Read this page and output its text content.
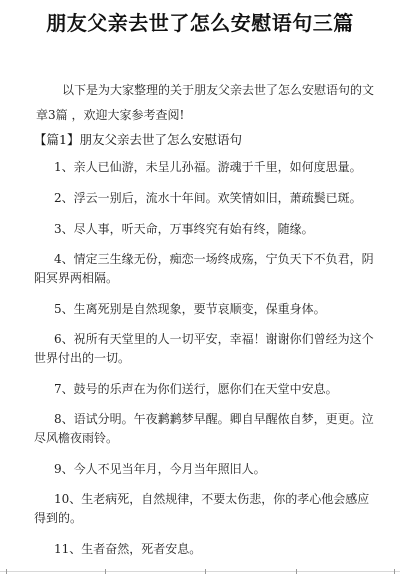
朋友父亲去世了怎么安慰语句三篇
以下是为大家整理的关于朋友父亲去世了怎么安慰语句的文章3篇 ，欢迎大家参考查阅!
【篇1】朋友父亲去世了怎么安慰语句
1、亲人已仙游，未呈儿孙福。游魂于千里，如何度思量。
2、浮云一别后，流水十年间。欢笑情如旧，萧疏鬓已斑。
3、尽人事，听天命，万事终究有始有终，随缘。
4、情定三生缘无份，痴恋一场终成殇，宁负天下不负君，阴阳冥界两相隔。
5、生离死别是自然现象，要节哀顺变，保重身体。
6、祝所有天堂里的人一切平安，幸福！谢谢你们曾经为这个世界付出的一切。
7、鼓号的乐声在为你们送行，愿你们在天堂中安息。
8、语试分明。午夜鹣鹣梦早醒。卿自早醒侬自梦，更更。泣尽风檐夜雨铃。
9、今人不见当年月，今月当年照旧人。
10、生老病死，自然规律，不要太伤悲，你的孝心他会感应得到的。
11、生者奋然，死者安息。
